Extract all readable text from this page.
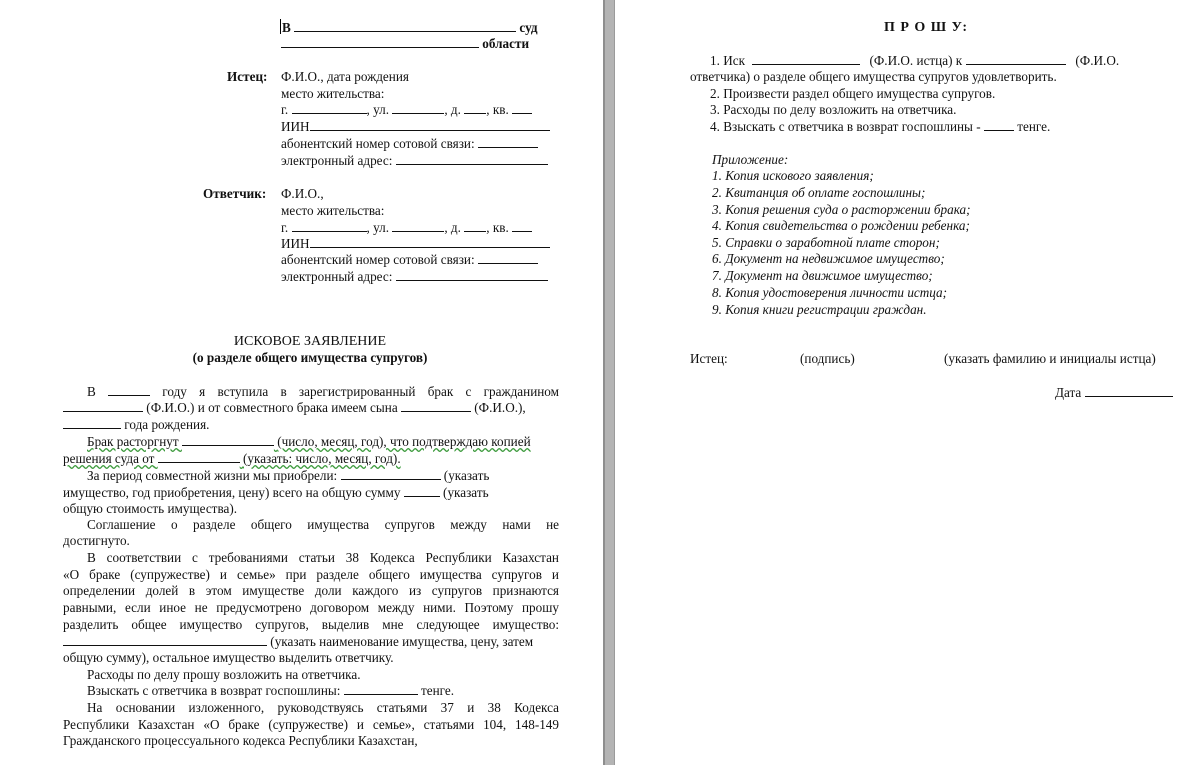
В	суд
области
Истец: Ф.И.О., дата рождения
место жительства:
г.	, ул.	, д. , кв.
ИИН
абонентский номер сотовой связи:
электронный адрес:
Ответчик: Ф.И.О.,
место жительства:
г.	, ул.	, д. , кв.
ИИН
абонентский номер сотовой связи:
электронный адрес:
ИСКОВОЕ ЗАЯВЛЕНИЕ
(о разделе общего имущества супругов)
В	году я вступила в зарегистрированный брак с гражданином
(Ф.И.О.) и от совместного брака имеем сына	(Ф.И.О.),
года рождения.
Брак расторгнут	(число, месяц, год), что подтверждаю копией
решения суда от	(указать: число, месяц, год).
За период совместной жизни мы приобрели:	(указать
имущество, год приобретения, цену) всего на общую сумму	(указать
общую стоимость имущества).
Соглашение о разделе общего имущества супругов между нами не
достигнуто.
В соответствии с требованиями статьи 38 Кодекса Республики Казахстан
«О браке (супружестве) и семье» при разделе общего имущества супругов и
определении долей в этом имуществе доли каждого из супругов признаются
равными, если иное не предусмотрено договором между ними. Поэтому прошу
разделить общее имущество супругов, выделив мне следующее имущество:
(указать наименование имущества, цену, затем
общую сумму), остальное имущество выделить ответчику.
Расходы по делу прошу возложить на ответчика.
Взыскать с ответчика в возврат госпошлины:	тенге.
На основании изложенного, руководствуясь статьями 37 и 38 Кодекса
Республики Казахстан «О браке (супружестве) и семье», статьями 104, 148-149
Гражданского процессуального кодекса Республики Казахстан,
П Р О Ш У:
1. Иск	(Ф.И.О. истца) к	(Ф.И.О.
ответчика) о разделе общего имущества супругов удовлетворить.
2. Произвести раздел общего имущества супругов.
3. Расходы по делу возложить на ответчика.
4. Взыскать с ответчика в возврат госпошлины -	тенге.
Приложение:
1. Копия искового заявления;
2. Квитанция об оплате госпошлины;
3. Копия решения суда о расторжении брака;
4. Копия свидетельства о рождении ребенка;
5. Справки о заработной плате сторон;
6. Документ на недвижимое имущество;
7. Документ на движимое имущество;
8. Копия удостоверения личности истца;
9. Копия книги регистрации граждан.
Истец:	(подпись)	(указать фамилию и инициалы истца)
Дата
